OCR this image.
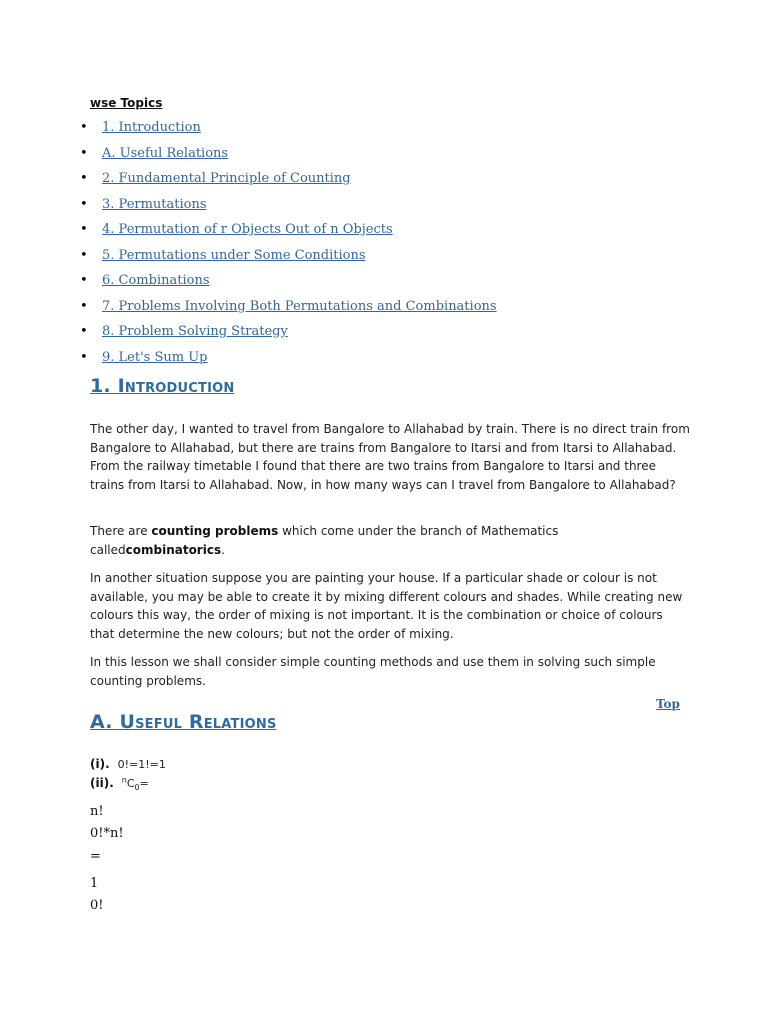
wse Topics
• 1. Introduction
• A. Useful Relations
• 2. Fundamental Principle of Counting
• 3. Permutations
• 4. Permutation of r Objects Out of n Objects
• 5. Permutations under Some Conditions
• 6. Combinations
• 7. Problems Involving Both Permutations and Combinations
• 8. Problem Solving Strategy
• 9. Let's Sum Up
1. Introduction

The other day, I wanted to travel from Bangalore to Allahabad by train. There is no direct train from Bangalore to Allahabad, but there are trains from Bangalore to Itarsi and from Itarsi to Allahabad. From the railway timetable I found that there are two trains from Bangalore to Itarsi and three trains from Itarsi to Allahabad. Now, in how many ways can I travel from Bangalore to Allahabad?

There are counting problems which come under the branch of Mathematics calledcombinatorics.

In another situation suppose you are painting your house. If a particular shade or colour is not available, you may be able to create it by mixing different colours and shades. While creating new colours this way, the order of mixing is not important. It is the combination or choice of colours that determine the new colours; but not the order of mixing.

In this lesson we shall consider simple counting methods and use them in solving such simple counting problems.

Top
A. Useful Relations
(i). 0!=1!=1
(ii). $^nC_0=$
n!
0!*n!
=
1
0!
